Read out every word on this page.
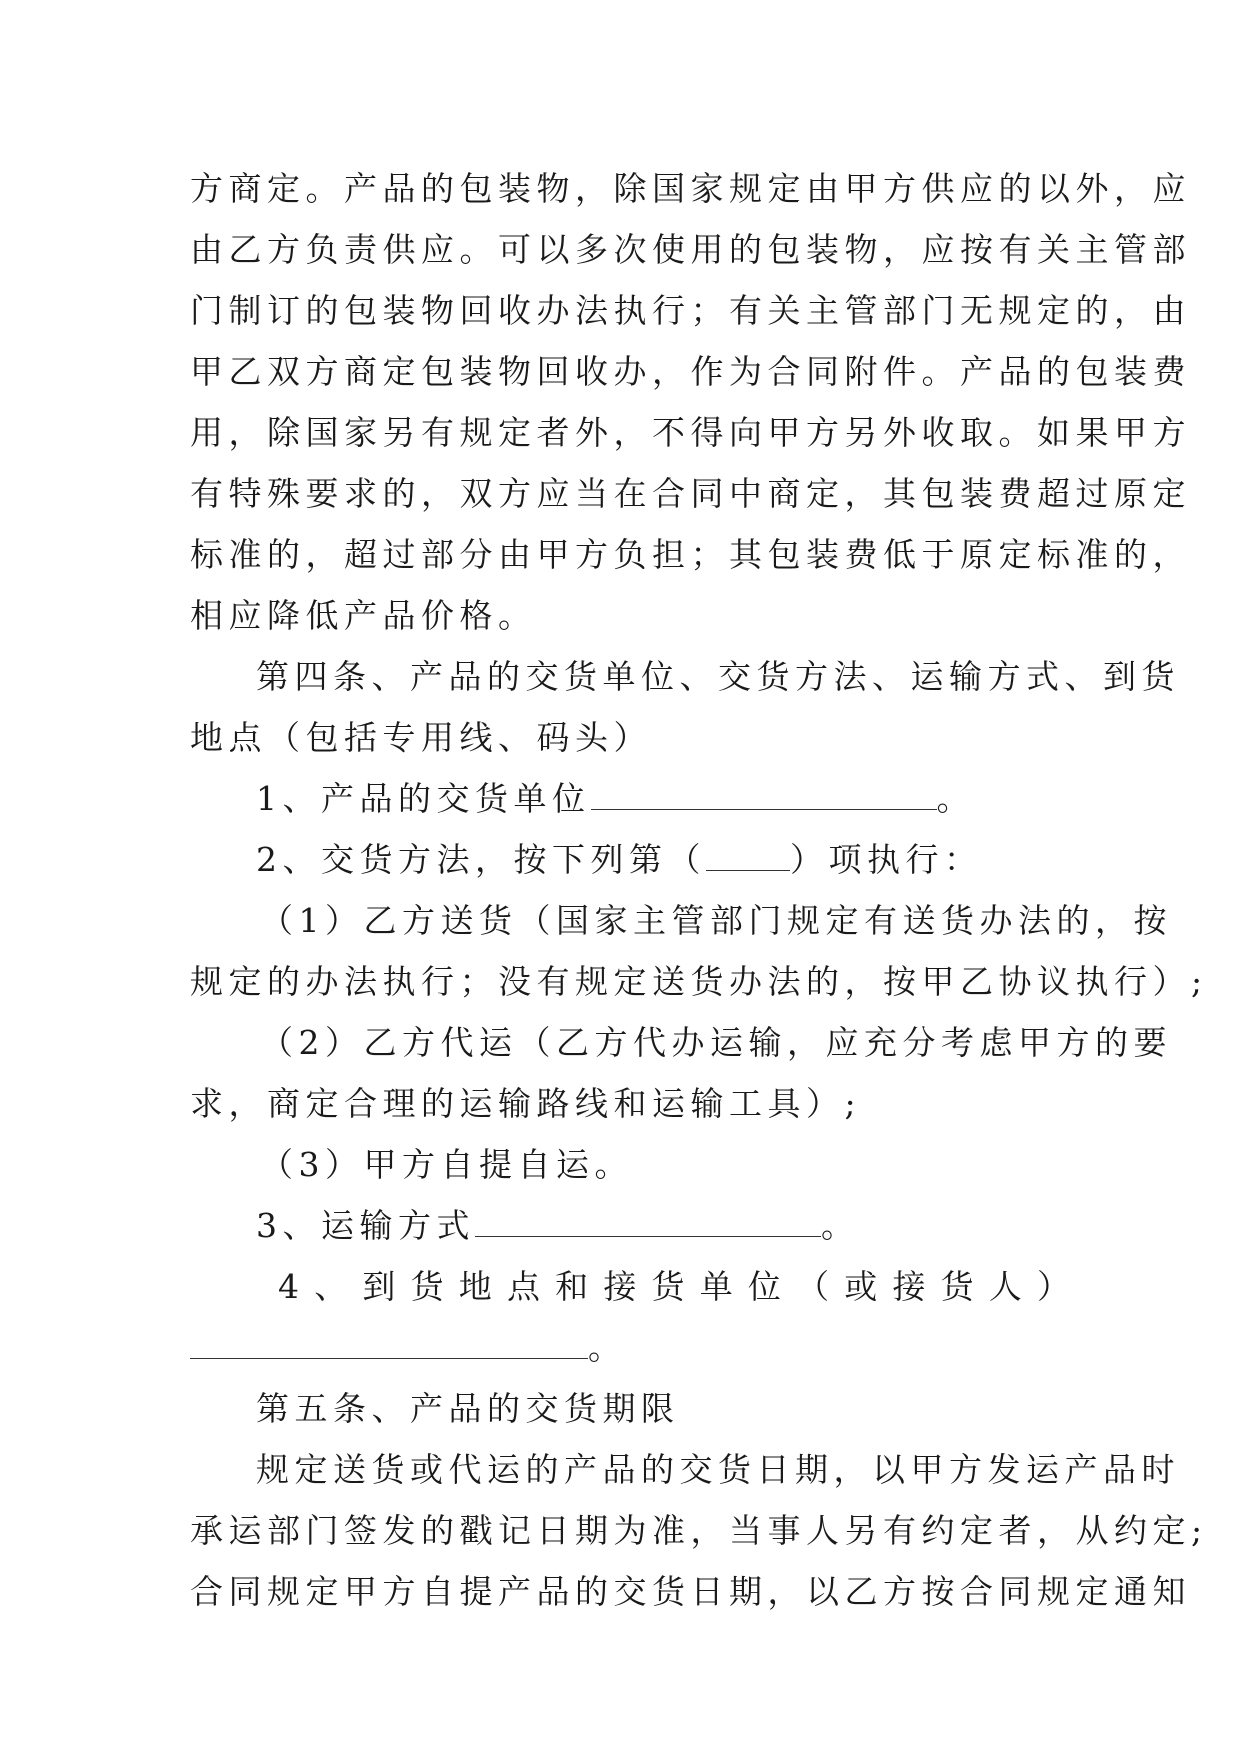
方商定。产品的包装物，除国家规定由甲方供应的以外，应
由乙方负责供应。可以多次使用的包装物，应按有关主管部
门制订的包装物回收办法执行；有关主管部门无规定的，由
甲乙双方商定包装物回收办，作为合同附件。产品的包装费
用，除国家另有规定者外，不得向甲方另外收取。如果甲方
有特殊要求的，双方应当在合同中商定，其包装费超过原定
标准的，超过部分由甲方负担；其包装费低于原定标准的，
相应降低产品价格。
第四条、产品的交货单位、交货方法、运输方式、到货
地点（包括专用线、码头）
1、产品的交货单位	。
2、交货方法，按下列第（	）项执行：
（1）乙方送货（国家主管部门规定有送货办法的，按
规定的办法执行；没有规定送货办法的，按甲乙协议执行）;
（2）乙方代运（乙方代办运输，应充分考虑甲方的要
求，商定合理的运输路线和运输工具）;
（3）甲方自提自运。
3、运输方式	。
4 、 到 货 地 点 和 接 货 单 位 （ 或 接 货 人 ）
。
第五条、产品的交货期限
规定送货或代运的产品的交货日期，以甲方发运产品时
承运部门签发的戳记日期为准，当事人另有约定者，从约定;
合同规定甲方自提产品的交货日期，以乙方按合同规定通知
